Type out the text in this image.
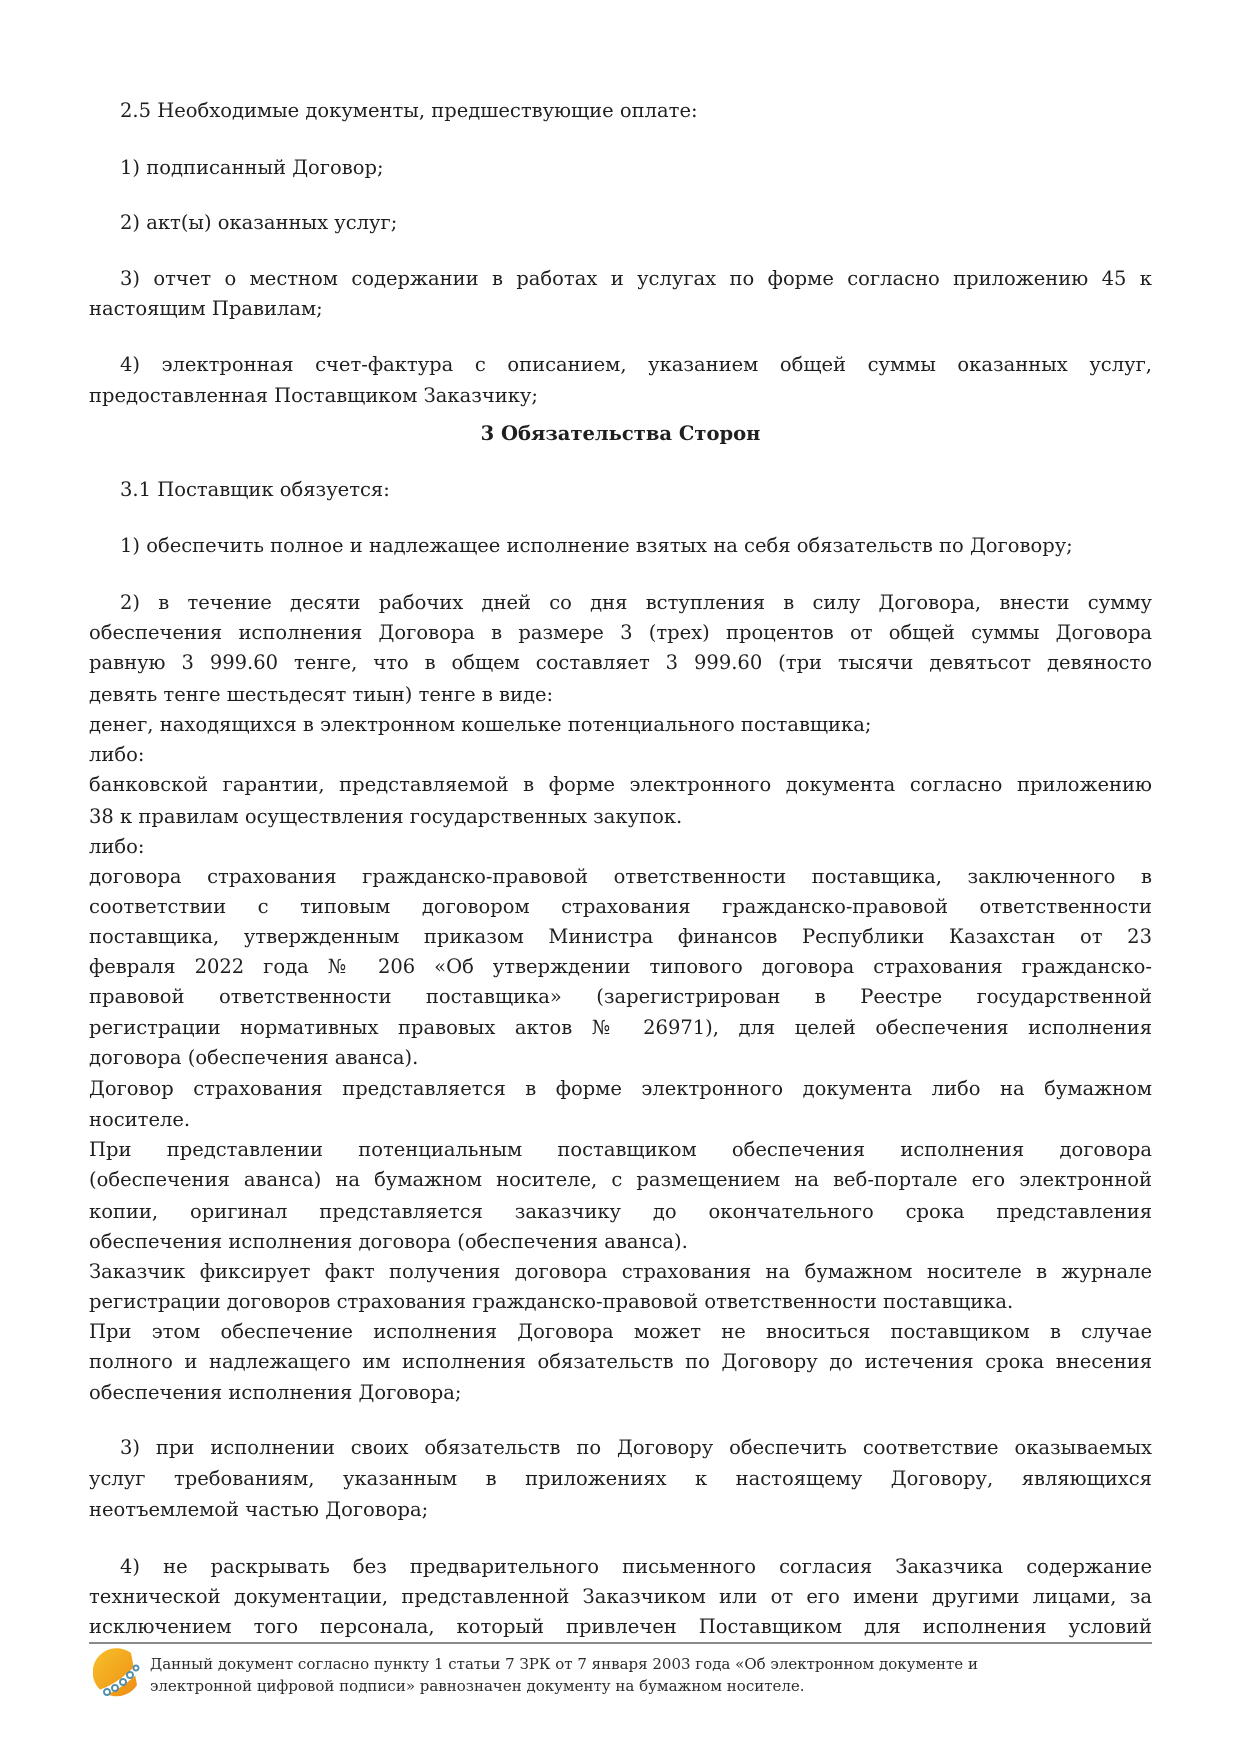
2.5 Необходимые документы, предшествующие оплате:
1) подписанный Договор;
2) акт(ы) оказанных услуг;
3) отчет о местном содержании в работах и услугах по форме согласно приложению 45 к
настоящим Правилам;
4) электронная счет-фактура с описанием, указанием общей суммы оказанных услуг,
предоставленная Поставщиком Заказчику;
3 Обязательства Сторон
3.1 Поставщик обязуется:
1) обеспечить полное и надлежащее исполнение взятых на себя обязательств по Договору;
2) в течение десяти рабочих дней со дня вступления в силу Договора, внести сумму
обеспечения исполнения Договора в размере 3 (трех) процентов от общей суммы Договора
равную 3 999.60 тенге, что в общем составляет 3 999.60 (три тысячи девятьсот девяносто
девять тенге шестьдесят тиын) тенге в виде:
денег, находящихся в электронном кошельке потенциального поставщика;
либо:
банковской гарантии, представляемой в форме электронного документа согласно приложению
38 к правилам осуществления государственных закупок.
либо:
договора страхования гражданско-правовой ответственности поставщика, заключенного в
соответствии с типовым договором страхования гражданско-правовой ответственности
поставщика, утвержденным приказом Министра финансов Республики Казахстан от 23
февраля 2022 года № 206 «Об утверждении типового договора страхования гражданско-
правовой ответственности поставщика» (зарегистрирован в Реестре государственной
регистрации нормативных правовых актов № 26971), для целей обеспечения исполнения
договора (обеспечения аванса).
Договор страхования представляется в форме электронного документа либо на бумажном
носителе.
При представлении потенциальным поставщиком обеспечения исполнения договора
(обеспечения аванса) на бумажном носителе, с размещением на веб-портале его электронной
копии, оригинал представляется заказчику до окончательного срока представления
обеспечения исполнения договора (обеспечения аванса).
Заказчик фиксирует факт получения договора страхования на бумажном носителе в журнале
регистрации договоров страхования гражданско-правовой ответственности поставщика.
При этом обеспечение исполнения Договора может не вноситься поставщиком в случае
полного и надлежащего им исполнения обязательств по Договору до истечения срока внесения
обеспечения исполнения Договора;
3) при исполнении своих обязательств по Договору обеспечить соответствие оказываемых
услуг требованиям, указанным в приложениях к настоящему Договору, являющихся
неотъемлемой частью Договора;
4) не раскрывать без предварительного письменного согласия Заказчика содержание
технической документации, представленной Заказчиком или от его имени другими лицами, за
исключением того персонала, который привлечен Поставщиком для исполнения условий
Данный документ согласно пункту 1 статьи 7 ЗРК от 7 января 2003 года «Об электронном документе и
электронной цифровой подписи» равнозначен документу на бумажном носителе.
